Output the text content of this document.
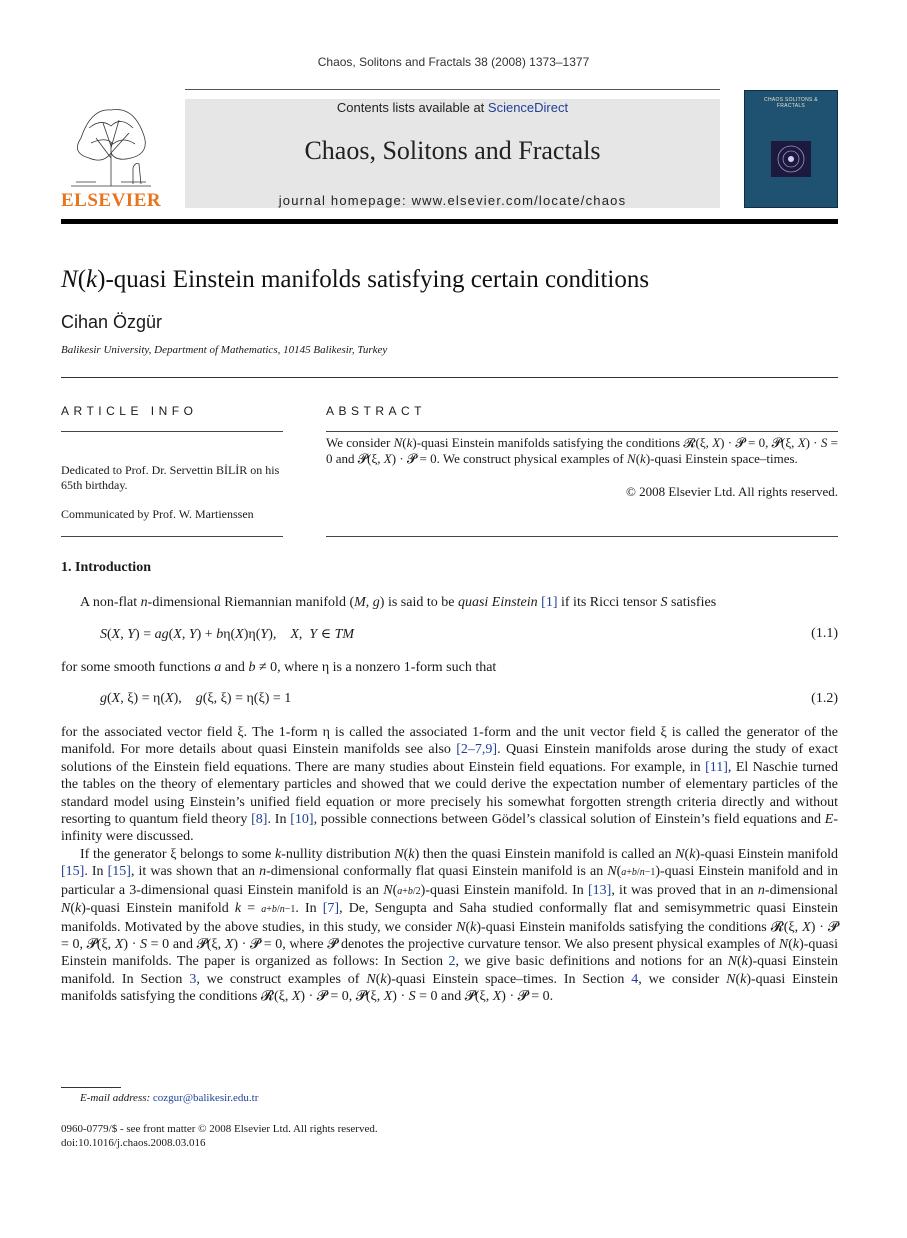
Chaos, Solitons and Fractals 38 (2008) 1373–1377
ELSEVIER
Contents lists available at ScienceDirect
Chaos, Solitons and Fractals
journal homepage: www.elsevier.com/locate/chaos
CHAOS SOLITONS & FRACTALS
N(k)-quasi Einstein manifolds satisfying certain conditions
Cihan Özgür
Balikesir University, Department of Mathematics, 10145 Balikesir, Turkey
ARTICLE INFO	ABSTRACT
Dedicated to Prof. Dr. Servettin BİLİR on his 65th birthday.
Communicated by Prof. W. Martienssen
We consider N(k)-quasi Einstein manifolds satisfying the conditions 𝓡(ξ, X) · 𝓟 = 0, 𝓟(ξ, X) · S = 0 and 𝓟(ξ, X) · 𝓟 = 0. We construct physical examples of N(k)-quasi Einstein space–times.
© 2008 Elsevier Ltd. All rights reserved.
1. Introduction
A non-flat n-dimensional Riemannian manifold (M, g) is said to be quasi Einstein [1] if its Ricci tensor S satisfies
S(X, Y) = ag(X, Y) + bη(X)η(Y),    X,  Y ∈ TM	(1.1)
for some smooth functions a and b ≠ 0, where η is a nonzero 1-form such that
g(X, ξ) = η(X),    g(ξ, ξ) = η(ξ) = 1	(1.2)
for the associated vector field ξ. The 1-form η is called the associated 1-form and the unit vector field ξ is called the generator of the manifold. For more details about quasi Einstein manifolds see also [2–7,9]. Quasi Einstein manifolds arose during the study of exact solutions of the Einstein field equations. There are many studies about Einstein field equations. For example, in [11], El Naschie turned the tables on the theory of elementary particles and showed that we could derive the expectation number of elementary particles of the standard model using Einstein’s unified field equation or more precisely his somewhat forgotten strength criteria directly and without resorting to quantum field theory [8]. In [10], possible connections between Gödel’s classical solution of Einstein’s field equations and E-infinity were discussed.
If the generator ξ belongs to some k-nullity distribution N(k) then the quasi Einstein manifold is called an N(k)-quasi Einstein manifold [15]. In [15], it was shown that an n-dimensional conformally flat quasi Einstein manifold is an N(a+b/n−1)-quasi Einstein manifold and in particular a 3-dimensional quasi Einstein manifold is an N(a+b/2)-quasi Einstein manifold. In [13], it was proved that in an n-dimensional N(k)-quasi Einstein manifold k = a+b/n−1. In [7], De, Sengupta and Saha studied conformally flat and semisymmetric quasi Einstein manifolds. Motivated by the above studies, in this study, we consider N(k)-quasi Einstein manifolds satisfying the conditions 𝓡(ξ, X) · 𝓟 = 0, 𝓟(ξ, X) · S = 0 and 𝓟(ξ, X) · 𝓟 = 0, where 𝓟 denotes the projective curvature tensor. We also present physical examples of N(k)-quasi Einstein manifolds. The paper is organized as follows: In Section 2, we give basic definitions and notions for an N(k)-quasi Einstein manifold. In Section 3, we construct examples of N(k)-quasi Einstein space–times. In Section 4, we consider N(k)-quasi Einstein manifolds satisfying the conditions 𝓡(ξ, X) · 𝓟 = 0, 𝓟(ξ, X) · S = 0 and 𝓟(ξ, X) · 𝓟 = 0.
E-mail address: cozgur@balikesir.edu.tr
0960-0779/$ - see front matter © 2008 Elsevier Ltd. All rights reserved.
doi:10.1016/j.chaos.2008.03.016
